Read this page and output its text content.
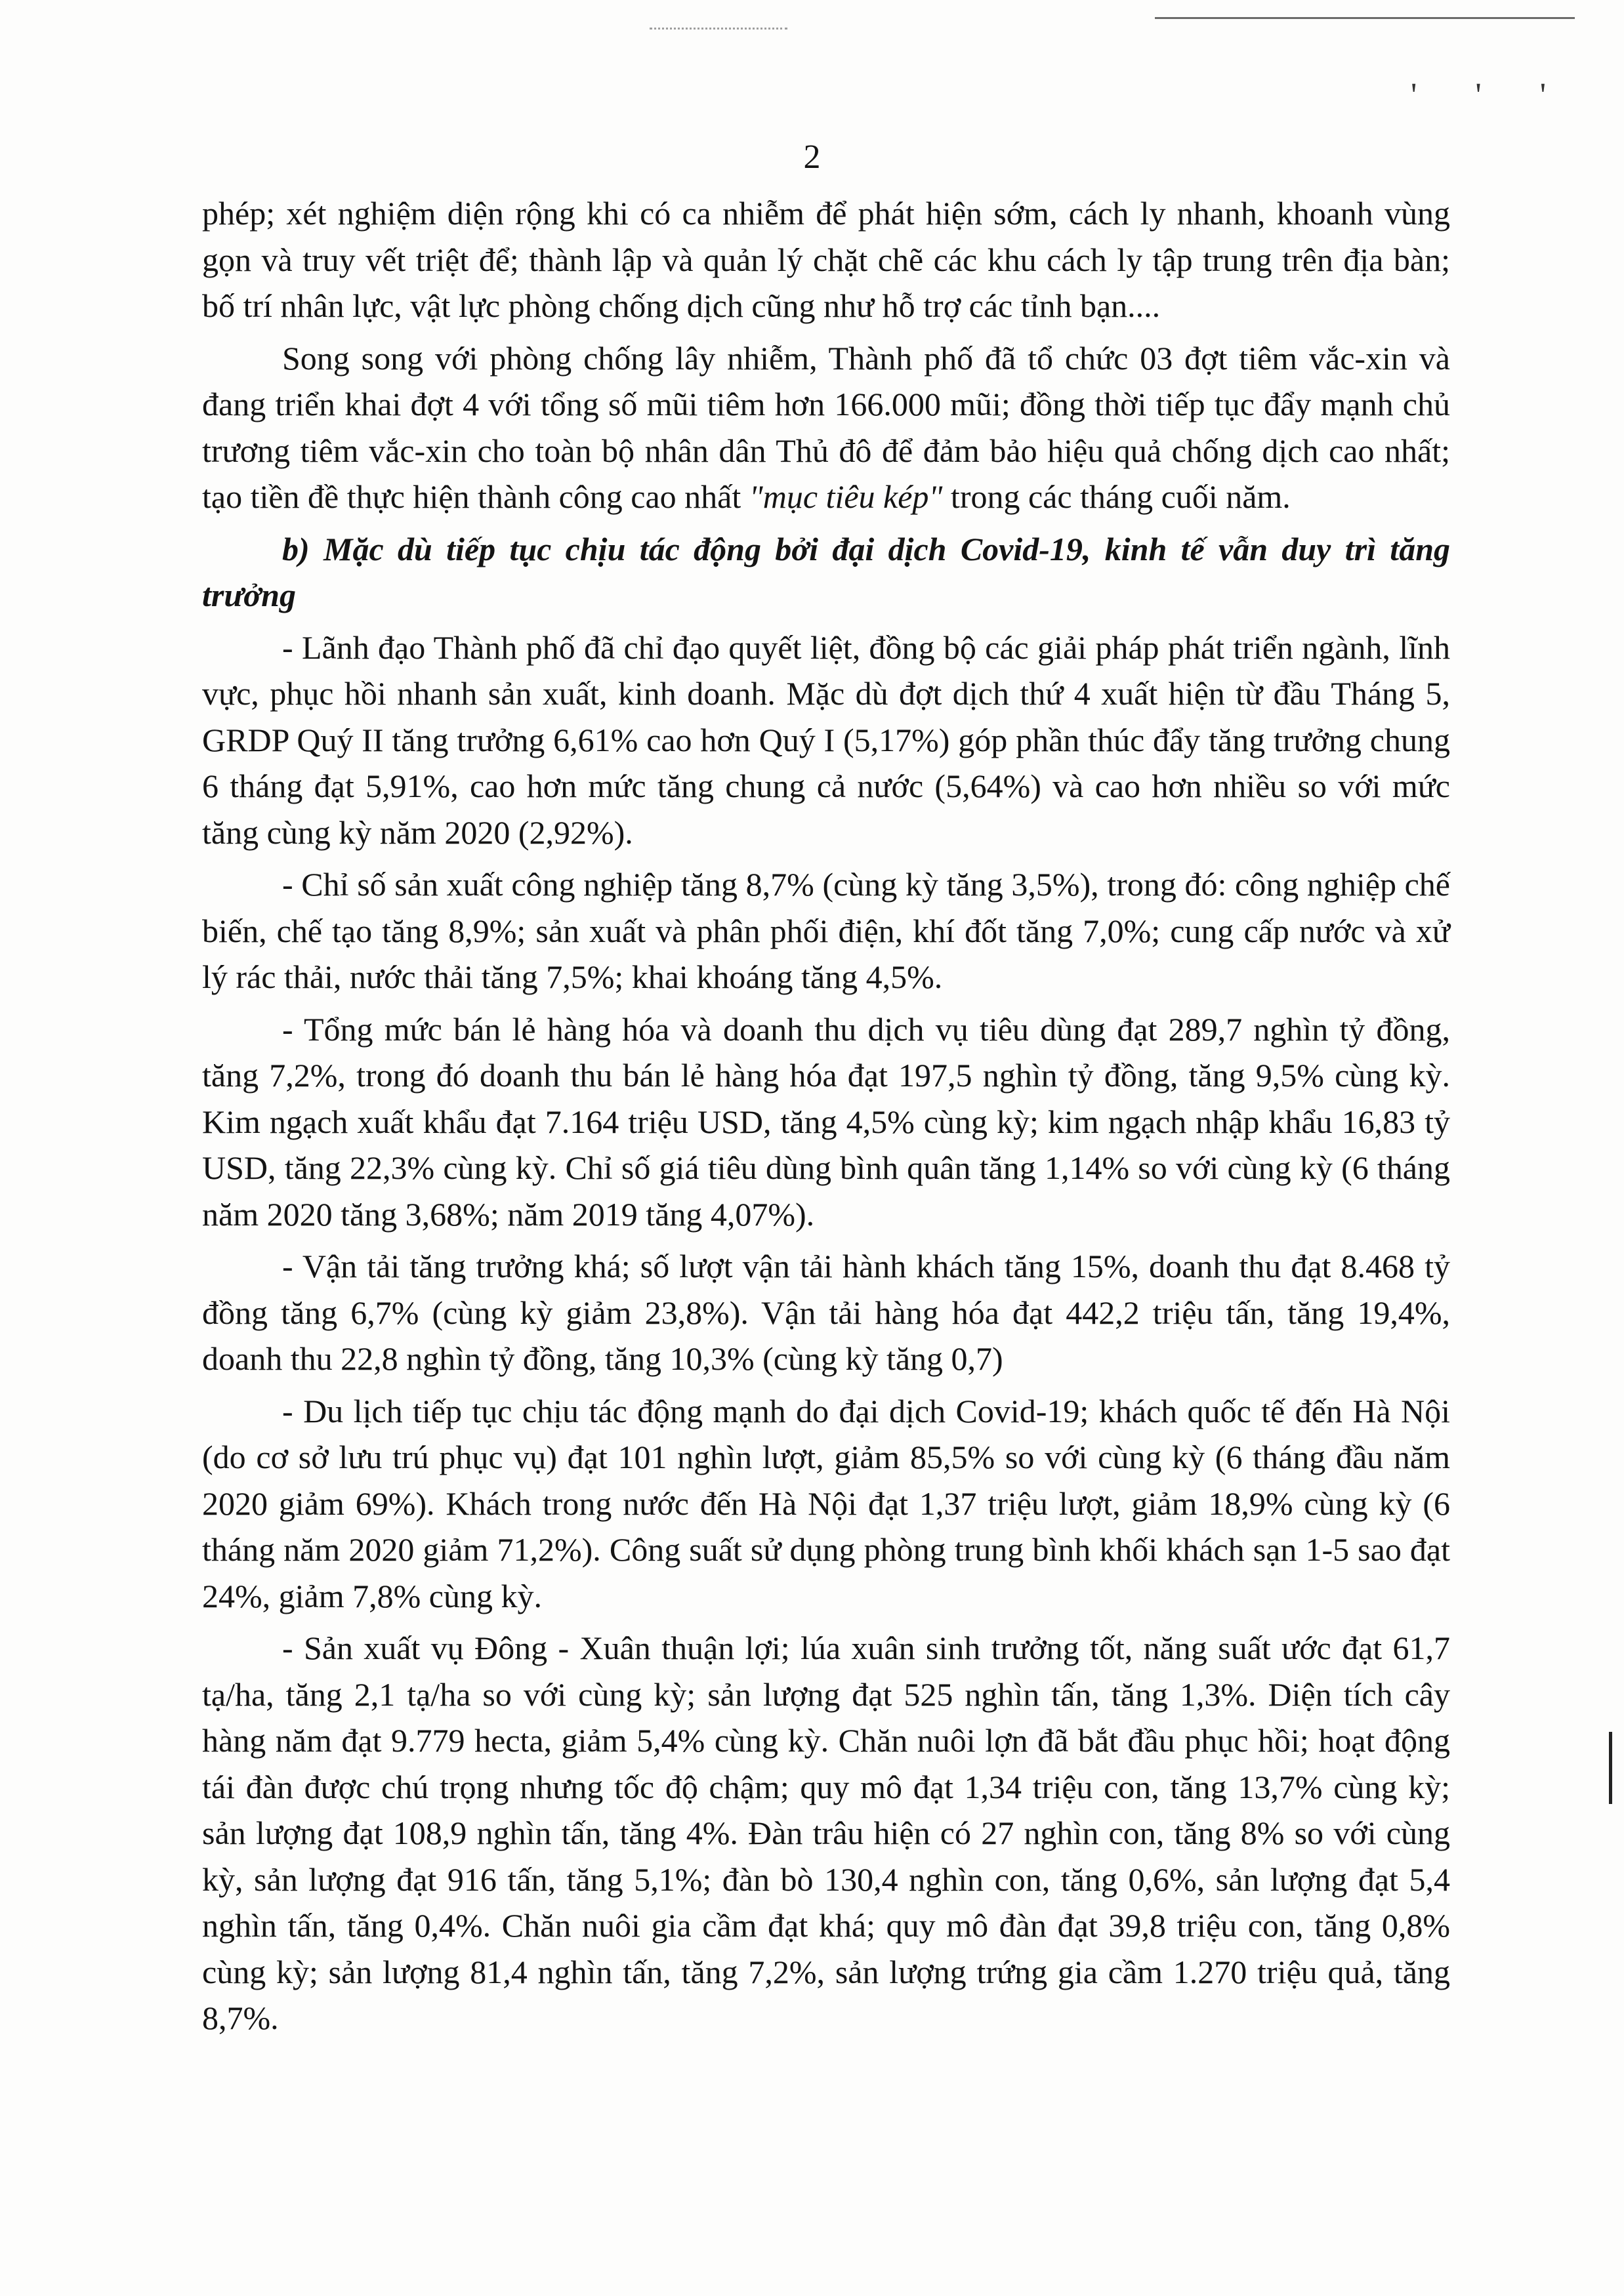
' ' '
2

phép; xét nghiệm diện rộng khi có ca nhiễm để phát hiện sớm, cách ly nhanh, khoanh vùng gọn và truy vết triệt để; thành lập và quản lý chặt chẽ các khu cách ly tập trung trên địa bàn; bố trí nhân lực, vật lực phòng chống dịch cũng như hỗ trợ các tỉnh bạn....

Song song với phòng chống lây nhiễm, Thành phố đã tổ chức 03 đợt tiêm vắc-xin và đang triển khai đợt 4 với tổng số mũi tiêm hơn 166.000 mũi; đồng thời tiếp tục đẩy mạnh chủ trương tiêm vắc-xin cho toàn bộ nhân dân Thủ đô để đảm bảo hiệu quả chống dịch cao nhất; tạo tiền đề thực hiện thành công cao nhất "mục tiêu kép" trong các tháng cuối năm.

b) Mặc dù tiếp tục chịu tác động bởi đại dịch Covid-19, kinh tế vẫn duy trì tăng trưởng

- Lãnh đạo Thành phố đã chỉ đạo quyết liệt, đồng bộ các giải pháp phát triển ngành, lĩnh vực, phục hồi nhanh sản xuất, kinh doanh. Mặc dù đợt dịch thứ 4 xuất hiện từ đầu Tháng 5, GRDP Quý II tăng trưởng 6,61% cao hơn Quý I (5,17%) góp phần thúc đẩy tăng trưởng chung 6 tháng đạt 5,91%, cao hơn mức tăng chung cả nước (5,64%) và cao hơn nhiều so với mức tăng cùng kỳ năm 2020 (2,92%).

- Chỉ số sản xuất công nghiệp tăng 8,7% (cùng kỳ tăng 3,5%), trong đó: công nghiệp chế biến, chế tạo tăng 8,9%; sản xuất và phân phối điện, khí đốt tăng 7,0%; cung cấp nước và xử lý rác thải, nước thải tăng 7,5%; khai khoáng tăng 4,5%.

- Tổng mức bán lẻ hàng hóa và doanh thu dịch vụ tiêu dùng đạt 289,7 nghìn tỷ đồng, tăng 7,2%, trong đó doanh thu bán lẻ hàng hóa đạt 197,5 nghìn tỷ đồng, tăng 9,5% cùng kỳ. Kim ngạch xuất khẩu đạt 7.164 triệu USD, tăng 4,5% cùng kỳ; kim ngạch nhập khẩu 16,83 tỷ USD, tăng 22,3% cùng kỳ. Chỉ số giá tiêu dùng bình quân tăng 1,14% so với cùng kỳ (6 tháng năm 2020 tăng 3,68%; năm 2019 tăng 4,07%).

- Vận tải tăng trưởng khá; số lượt vận tải hành khách tăng 15%, doanh thu đạt 8.468 tỷ đồng tăng 6,7% (cùng kỳ giảm 23,8%). Vận tải hàng hóa đạt 442,2 triệu tấn, tăng 19,4%, doanh thu 22,8 nghìn tỷ đồng, tăng 10,3% (cùng kỳ tăng 0,7)

- Du lịch tiếp tục chịu tác động mạnh do đại dịch Covid-19; khách quốc tế đến Hà Nội (do cơ sở lưu trú phục vụ) đạt 101 nghìn lượt, giảm 85,5% so với cùng kỳ (6 tháng đầu năm 2020 giảm 69%). Khách trong nước đến Hà Nội đạt 1,37 triệu lượt, giảm 18,9% cùng kỳ (6 tháng năm 2020 giảm 71,2%). Công suất sử dụng phòng trung bình khối khách sạn 1-5 sao đạt 24%, giảm 7,8% cùng kỳ.

- Sản xuất vụ Đông - Xuân thuận lợi; lúa xuân sinh trưởng tốt, năng suất ước đạt 61,7 tạ/ha, tăng 2,1 tạ/ha so với cùng kỳ; sản lượng đạt 525 nghìn tấn, tăng 1,3%. Diện tích cây hàng năm đạt 9.779 hecta, giảm 5,4% cùng kỳ. Chăn nuôi lợn đã bắt đầu phục hồi; hoạt động tái đàn được chú trọng nhưng tốc độ chậm; quy mô đạt 1,34 triệu con, tăng 13,7% cùng kỳ; sản lượng đạt 108,9 nghìn tấn, tăng 4%. Đàn trâu hiện có 27 nghìn con, tăng 8% so với cùng kỳ, sản lượng đạt 916 tấn, tăng 5,1%; đàn bò 130,4 nghìn con, tăng 0,6%, sản lượng đạt 5,4 nghìn tấn, tăng 0,4%. Chăn nuôi gia cầm đạt khá; quy mô đàn đạt 39,8 triệu con, tăng 0,8% cùng kỳ; sản lượng 81,4 nghìn tấn, tăng 7,2%, sản lượng trứng gia cầm 1.270 triệu quả, tăng 8,7%.
